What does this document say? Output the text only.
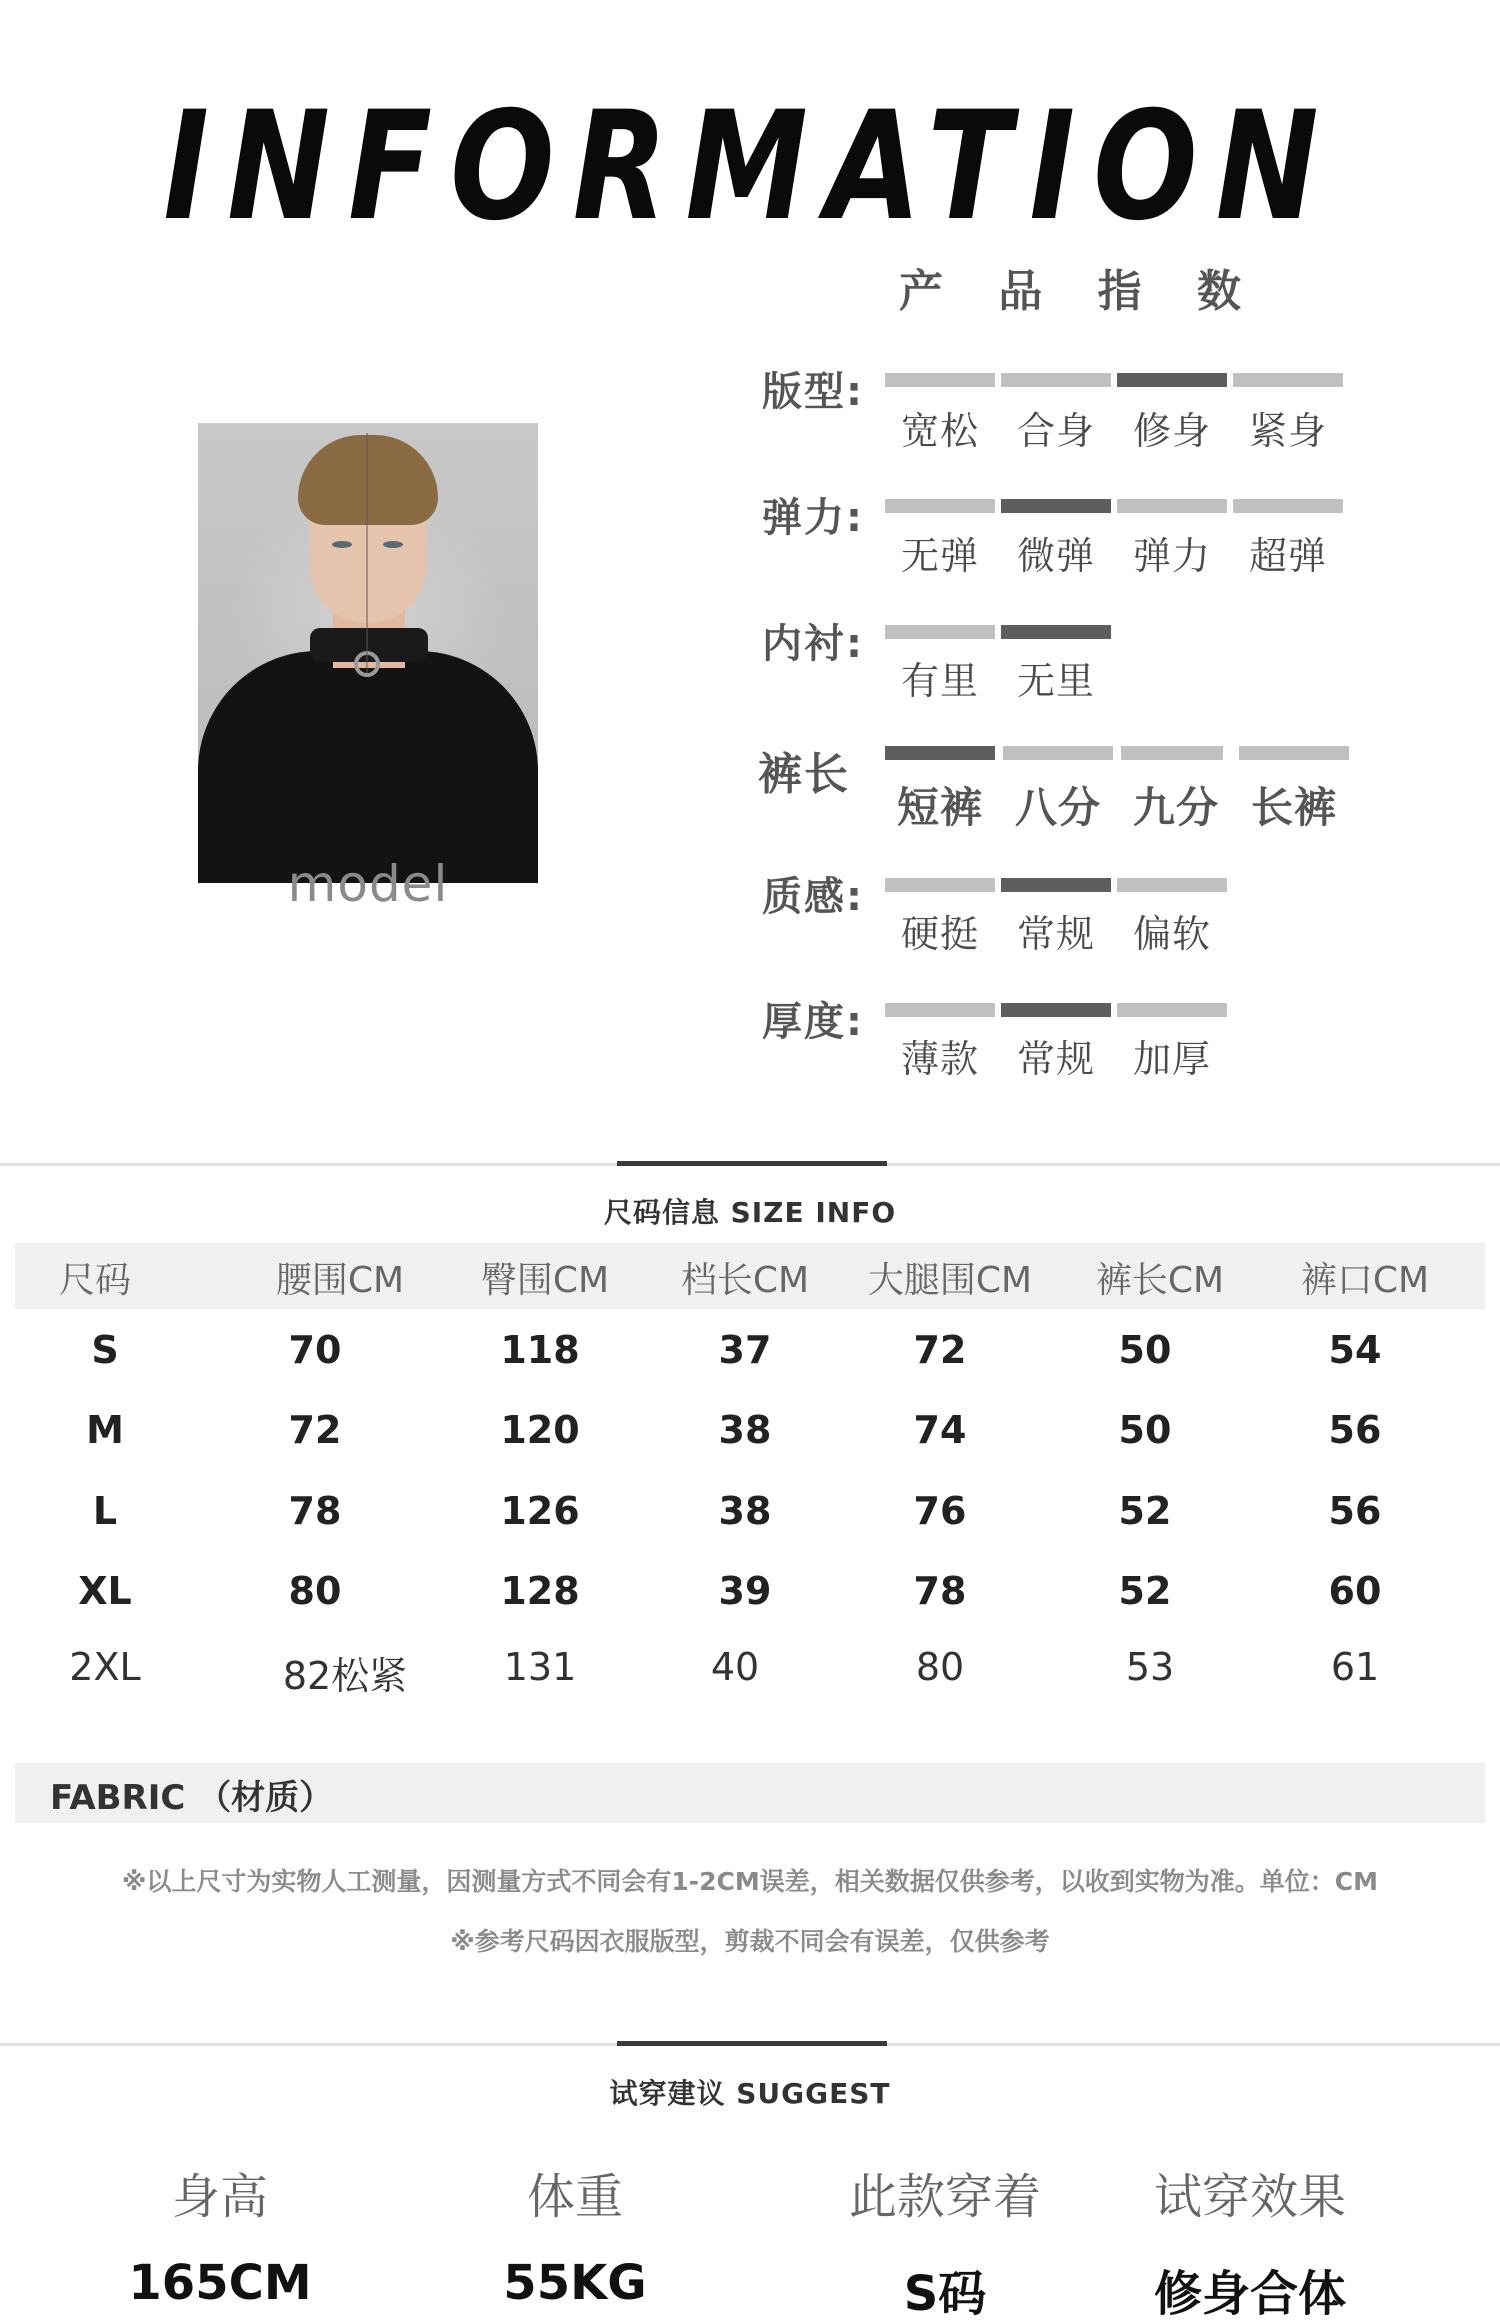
INFORMATION
产 品 指 数
model
版型:
宽松 合身 修身 紧身
弹力:
无弹 微弹 弹力 超弹
内衬:
有里 无里
裤长
短裤 八分 九分 长裤
质感:
硬挺 常规 偏软
厚度:
薄款 常规 加厚
尺码信息 SIZE INFO
尺码	腰围CM	臀围CM	档长CM	大腿围CM	裤长CM	裤口CM
S	70	118	37	72	50	54
M	72	120	38	74	50	56
L	78	126	38	76	52	56
XL	80	128	39	78	52	60
2XL	82松紧	131	40	80	53	61
FABRIC （材质）
※以上尺寸为实物人工测量，因测量方式不同会有1-2CM误差，相关数据仅供参考，以收到实物为准。单位：CM
※参考尺码因衣服版型，剪裁不同会有误差，仅供参考
试穿建议 SUGGEST
身高	体重	此款穿着	试穿效果
165CM	55KG	S码	修身合体
